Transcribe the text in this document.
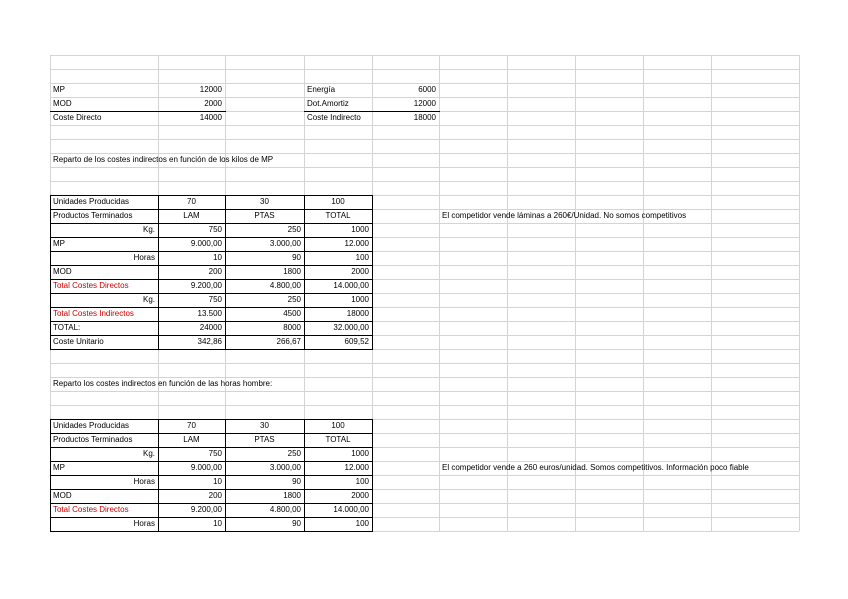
MP	12000	Energía	6000
MOD	2000	Dot.Amortiz	12000
Coste Directo	14000	Coste Indirecto	18000
Reparto de los costes indirectos en función de los kilos de MP
El competidor vende láminas a 260€/Unidad. No somos competitivos
Unidades Producidas	70	30	100
Productos Terminados	LAM	PTAS	TOTAL
Kg.	750	250	1000
MP	9.000,00	3.000,00	12.000
Horas	10	90	100
MOD	200	1800	2000
Total Costes Directos	9.200,00	4.800,00	14.000,00
Kg.	750	250	1000
Total Costes Indirectos	13.500	4500	18000
TOTAL:	24000	8000	32.000,00
Coste Unitario	342,86	266,67	609,52
Reparto los costes indirectos en función de las horas hombre:
El competidor vende a 260 euros/unidad. Somos competitivos. Información poco fiable
Unidades Producidas	70	30	100
Productos Terminados	LAM	PTAS	TOTAL
Kg.	750	250	1000
MP	9.000,00	3.000,00	12.000
Horas	10	90	100
MOD	200	1800	2000
Total Costes Directos	9.200,00	4.800,00	14.000,00
Horas	10	90	100
